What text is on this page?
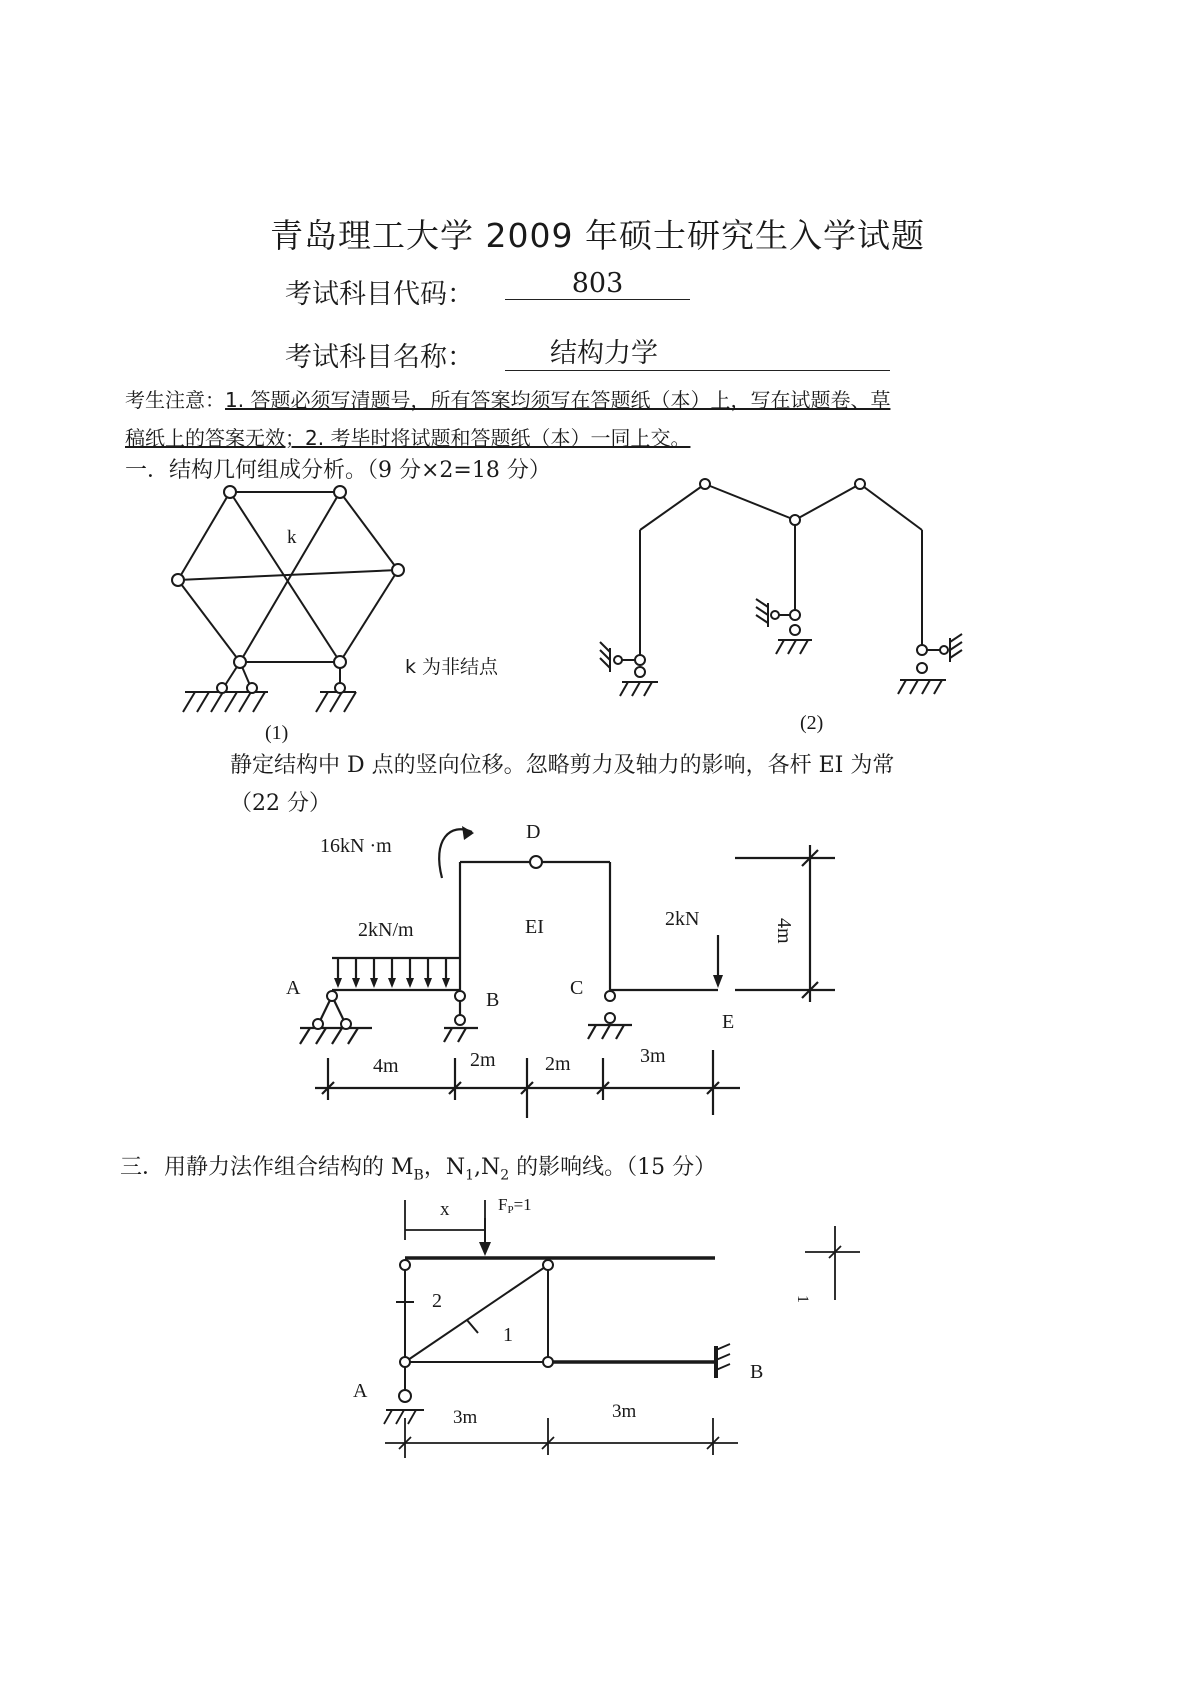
青岛理工大学 2009 年硕士研究生入学试题
考试科目代码：	803
考试科目名称：	结构力学
考生注意：1. 答题必须写清题号，所有答案均须写在答题纸（本）上，写在试题卷、草
稿纸上的答案无效；2. 考毕时将试题和答题纸（本）一同上交。
一．结构几何组成分析。（9 分×2=18 分）
k
k 为非结点
(1)	(2)
静定结构中 D 点的竖向位移。忽略剪力及轴力的影响，各杆 EI 为常
（22 分）
16kN ·m
D
EI
2kN/m	2kN
A
B
C
E
4m
4m	2m 2m	3m
三．用静力法作组合结构的 $M_B$，$N_1,N_2$ 的影响线。（15 分）
x	FP=1
2
1
A
B
3m	3m
1
